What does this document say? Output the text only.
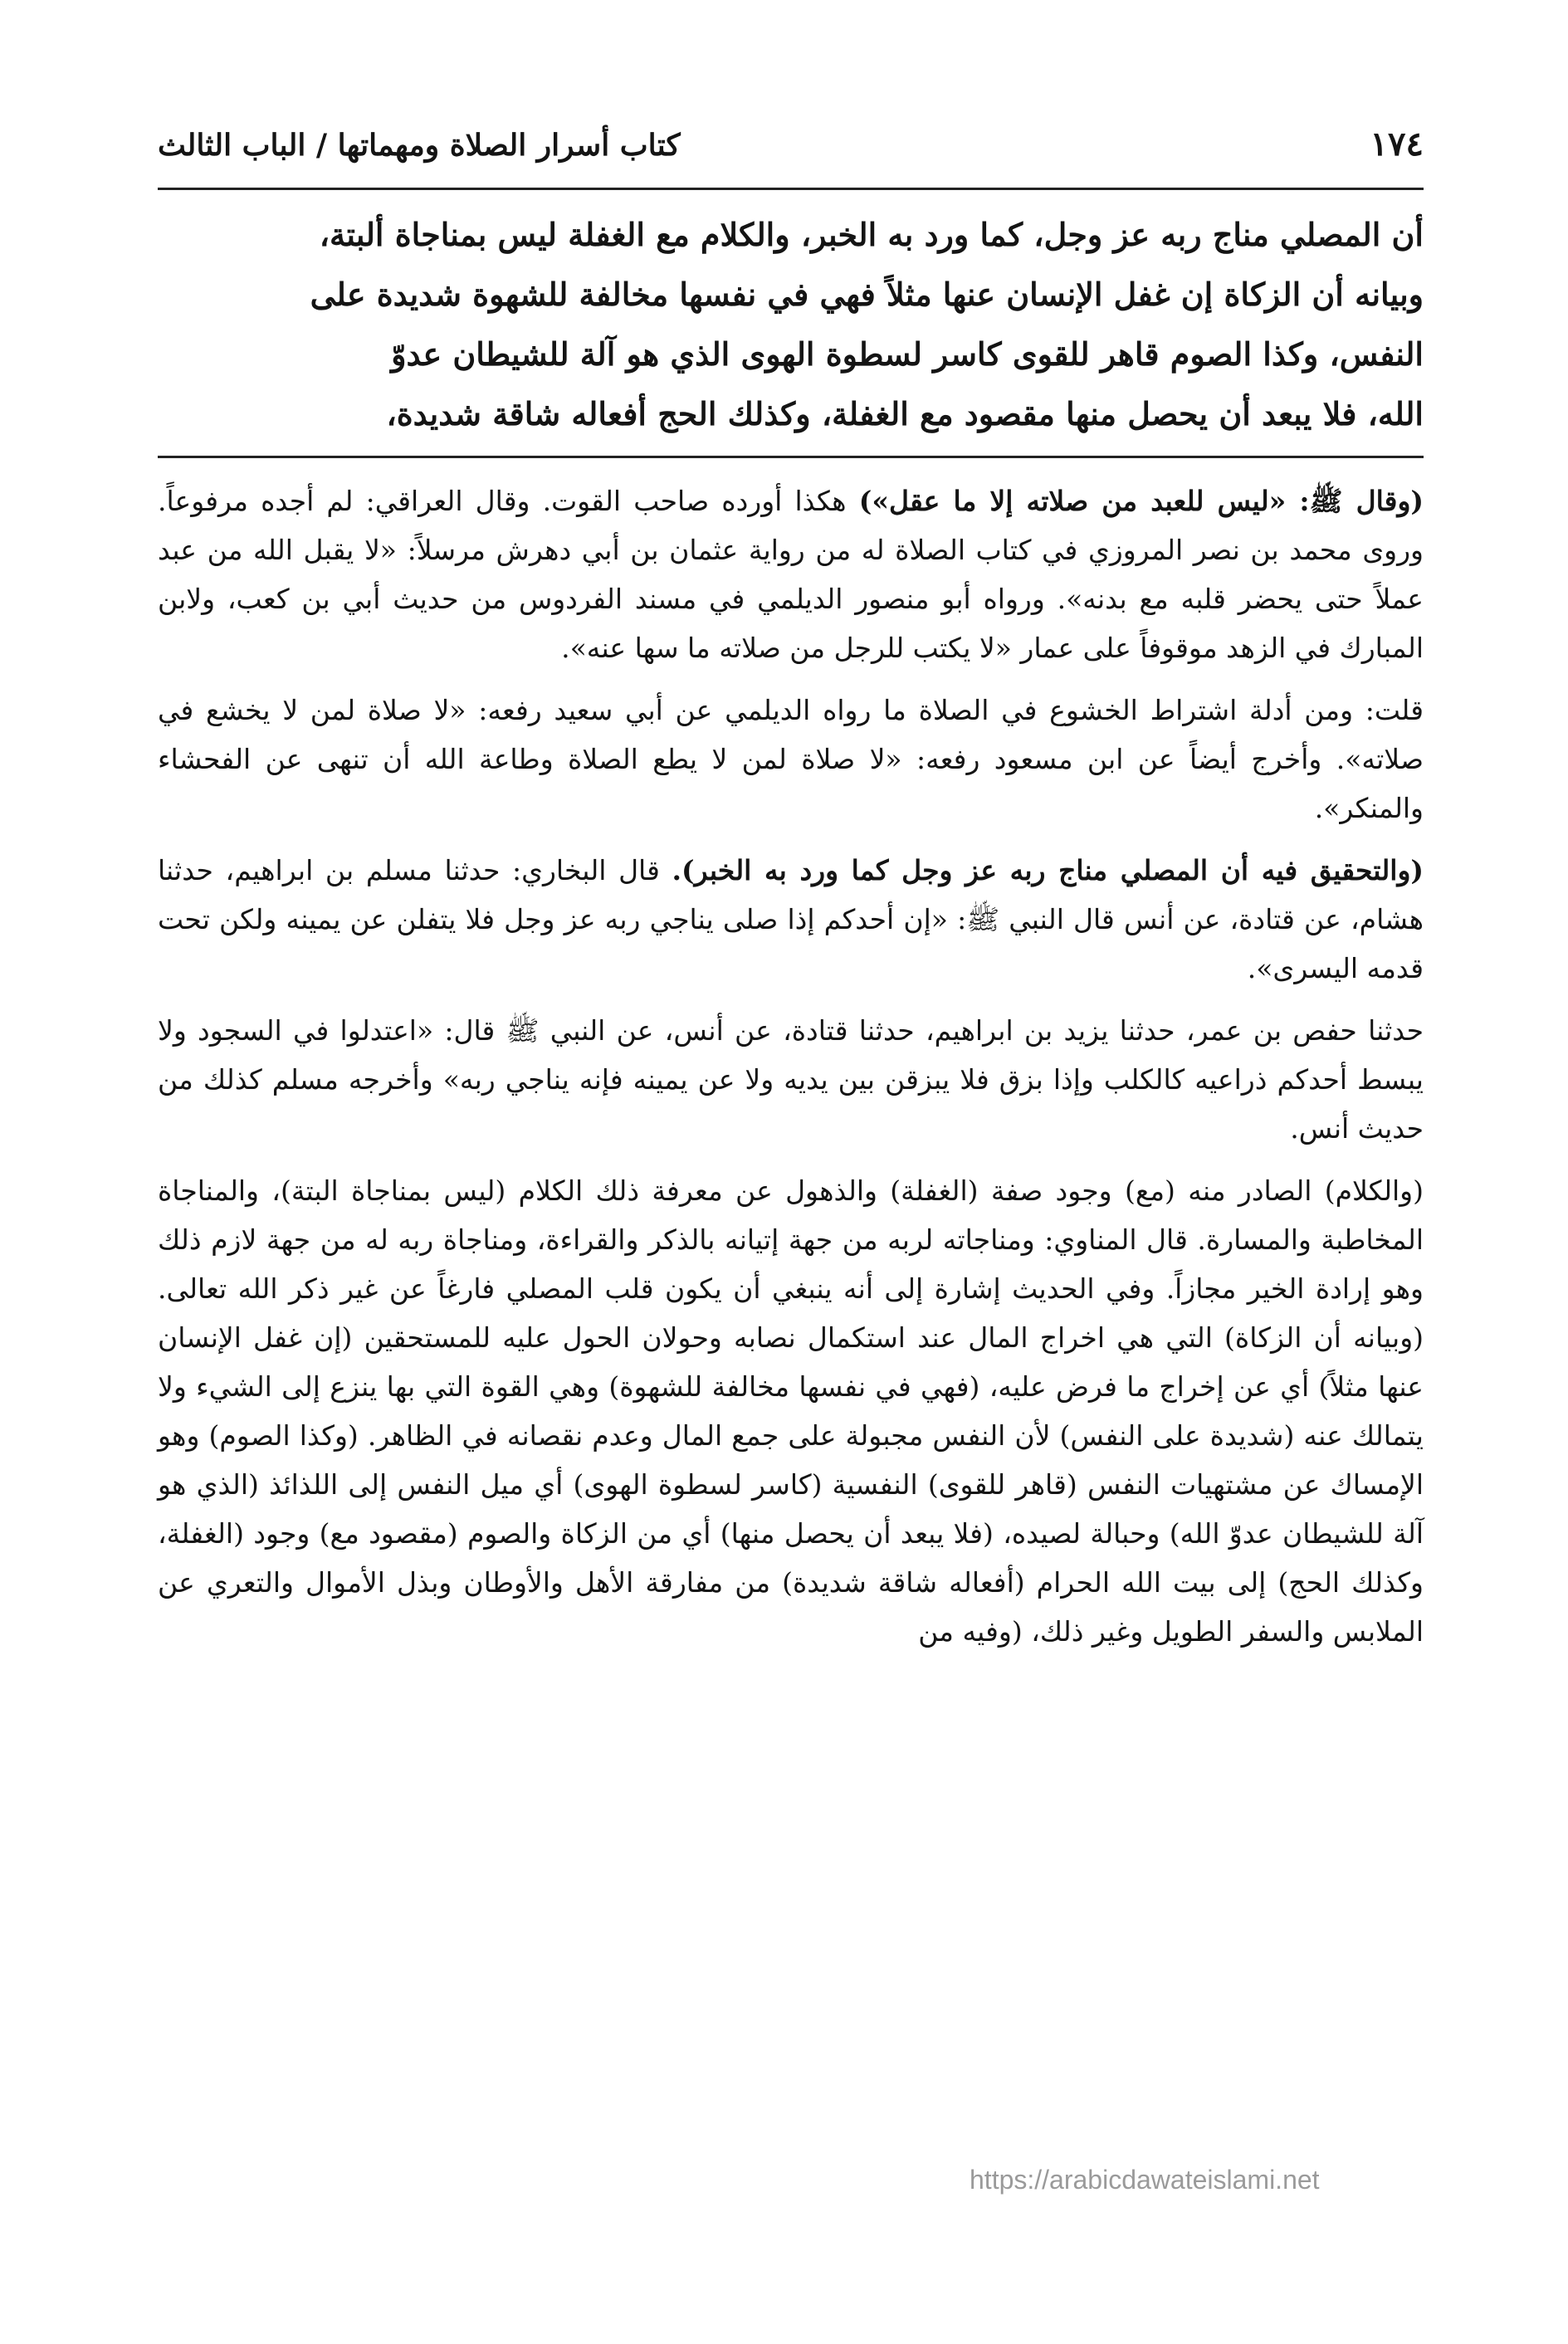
١٧٤
كتاب أسرار الصلاة ومهماتها / الباب الثالث

أن المصلي مناج ربه عز وجل، كما ورد به الخبر، والكلام مع الغفلة ليس بمناجاة ألبتة،

وبيانه أن الزكاة إن غفل الإنسان عنها مثلاً فهي في نفسها مخالفة للشهوة شديدة على

النفس، وكذا الصوم قاهر للقوى كاسر لسطوة الهوى الذي هو آلة للشيطان عدوّ

الله، فلا يبعد أن يحصل منها مقصود مع الغفلة، وكذلك الحج أفعاله شاقة شديدة،

(وقال ﷺ: «ليس للعبد من صلاته إلا ما عقل») هكذا أورده صاحب القوت. وقال العراقي: لم أجده مرفوعاً. وروى محمد بن نصر المروزي في كتاب الصلاة له من رواية عثمان بن أبي دهرش مرسلاً: «لا يقبل الله من عبد عملاً حتى يحضر قلبه مع بدنه». ورواه أبو منصور الديلمي في مسند الفردوس من حديث أبي بن كعب، ولابن المبارك في الزهد موقوفاً على عمار «لا يكتب للرجل من صلاته ما سها عنه».

قلت: ومن أدلة اشتراط الخشوع في الصلاة ما رواه الديلمي عن أبي سعيد رفعه: «لا صلاة لمن لا يخشع في صلاته». وأخرج أيضاً عن ابن مسعود رفعه: «لا صلاة لمن لا يطع الصلاة وطاعة الله أن تنهى عن الفحشاء والمنكر».

(والتحقيق فيه أن المصلي مناج ربه عز وجل كما ورد به الخبر). قال البخاري: حدثنا مسلم بن ابراهيم، حدثنا هشام، عن قتادة، عن أنس قال النبي ﷺ: «إن أحدكم إذا صلى يناجي ربه عز وجل فلا يتفلن عن يمينه ولكن تحت قدمه اليسرى».

حدثنا حفص بن عمر، حدثنا يزيد بن ابراهيم، حدثنا قتادة، عن أنس، عن النبي ﷺ قال: «اعتدلوا في السجود ولا يبسط أحدكم ذراعيه كالكلب وإذا بزق فلا يبزقن بين يديه ولا عن يمينه فإنه يناجي ربه» وأخرجه مسلم كذلك من حديث أنس.

(والكلام) الصادر منه (مع) وجود صفة (الغفلة) والذهول عن معرفة ذلك الكلام (ليس بمناجاة البتة)، والمناجاة المخاطبة والمسارة. قال المناوي: ومناجاته لربه من جهة إتيانه بالذكر والقراءة، ومناجاة ربه له من جهة لازم ذلك وهو إرادة الخير مجازاً. وفي الحديث إشارة إلى أنه ينبغي أن يكون قلب المصلي فارغاً عن غير ذكر الله تعالى. (وبيانه أن الزكاة) التي هي اخراج المال عند استكمال نصابه وحولان الحول عليه للمستحقين (إن غفل الإنسان عنها مثلاً) أي عن إخراج ما فرض عليه، (فهي في نفسها مخالفة للشهوة) وهي القوة التي بها ينزع إلى الشيء ولا يتمالك عنه (شديدة على النفس) لأن النفس مجبولة على جمع المال وعدم نقصانه في الظاهر. (وكذا الصوم) وهو الإمساك عن مشتهيات النفس (قاهر للقوى) النفسية (كاسر لسطوة الهوى) أي ميل النفس إلى اللذائذ (الذي هو آلة للشيطان عدوّ الله) وحبالة لصيده، (فلا يبعد أن يحصل منها) أي من الزكاة والصوم (مقصود مع) وجود (الغفلة، وكذلك الحج) إلى بيت الله الحرام (أفعاله شاقة شديدة) من مفارقة الأهل والأوطان وبذل الأموال والتعري عن الملابس والسفر الطويل وغير ذلك، (وفيه من

https://arabicdawateislami.net
